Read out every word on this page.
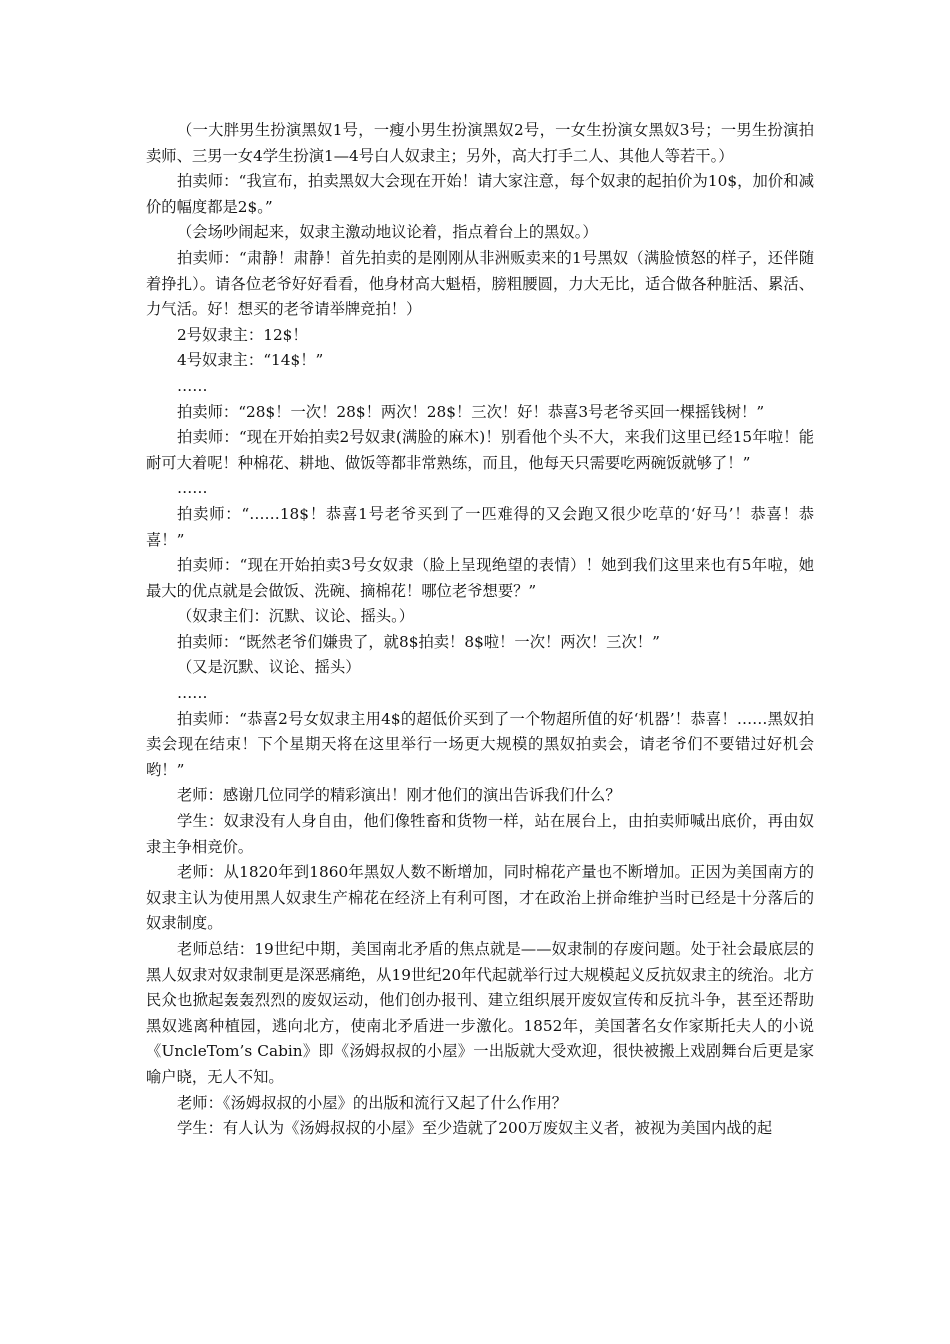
（一大胖男生扮演黑奴1号，一瘦小男生扮演黑奴2号，一女生扮演女黑奴3号；一男生扮演拍卖师、三男一女4学生扮演1—4号白人奴隶主；另外，高大打手二人、其他人等若干。）

拍卖师：“我宣布，拍卖黑奴大会现在开始！请大家注意，每个奴隶的起拍价为10$，加价和减价的幅度都是2$。”

（会场吵闹起来，奴隶主激动地议论着，指点着台上的黑奴。）

拍卖师：“肃静！肃静！首先拍卖的是刚刚从非洲贩卖来的1号黑奴（满脸愤怒的样子，还伴随着挣扎）。请各位老爷好好看看，他身材高大魁梧，膀粗腰圆，力大无比，适合做各种脏活、累活、力气活。好！想买的老爷请举牌竞拍！）

2号奴隶主：12$！

4号奴隶主：“14$！”

……

拍卖师：“28$！一次！28$！两次！28$！三次！好！恭喜3号老爷买回一棵摇钱树！”

拍卖师：“现在开始拍卖2号奴隶(满脸的麻木)！别看他个头不大，来我们这里已经15年啦！能耐可大着呢！种棉花、耕地、做饭等都非常熟练，而且，他每天只需要吃两碗饭就够了！”

……

拍卖师：“……18$！恭喜1号老爷买到了一匹难得的又会跑又很少吃草的‘好马’！恭喜！恭喜！”

拍卖师：“现在开始拍卖3号女奴隶（脸上呈现绝望的表情）！她到我们这里来也有5年啦，她最大的优点就是会做饭、洗碗、摘棉花！哪位老爷想要？”

（奴隶主们：沉默、议论、摇头。）

拍卖师：“既然老爷们嫌贵了，就8$拍卖！8$啦！一次！两次！三次！”

（又是沉默、议论、摇头）

……

拍卖师：“恭喜2号女奴隶主用4$的超低价买到了一个物超所值的好‘机器’！恭喜！……黑奴拍卖会现在结束！下个星期天将在这里举行一场更大规模的黑奴拍卖会，请老爷们不要错过好机会哟！”

老师：感谢几位同学的精彩演出！刚才他们的演出告诉我们什么？

学生：奴隶没有人身自由，他们像牲畜和货物一样，站在展台上，由拍卖师喊出底价，再由奴隶主争相竞价。

老师：从1820年到1860年黑奴人数不断增加，同时棉花产量也不断增加。正因为美国南方的奴隶主认为使用黑人奴隶生产棉花在经济上有利可图，才在政治上拼命维护当时已经是十分落后的奴隶制度。

老师总结：19世纪中期，美国南北矛盾的焦点就是——奴隶制的存废问题。处于社会最底层的黑人奴隶对奴隶制更是深恶痛绝，从19世纪20年代起就举行过大规模起义反抗奴隶主的统治。北方民众也掀起轰轰烈烈的废奴运动，他们创办报刊、建立组织展开废奴宣传和反抗斗争，甚至还帮助黑奴逃离种植园，逃向北方，使南北矛盾进一步激化。1852年，美国著名女作家斯托夫人的小说《UncleTom’s Cabin》即《汤姆叔叔的小屋》一出版就大受欢迎，很快被搬上戏剧舞台后更是家喻户晓，无人不知。

老师：《汤姆叔叔的小屋》的出版和流行又起了什么作用？

学生：有人认为《汤姆叔叔的小屋》至少造就了200万废奴主义者，被视为美国内战的起
